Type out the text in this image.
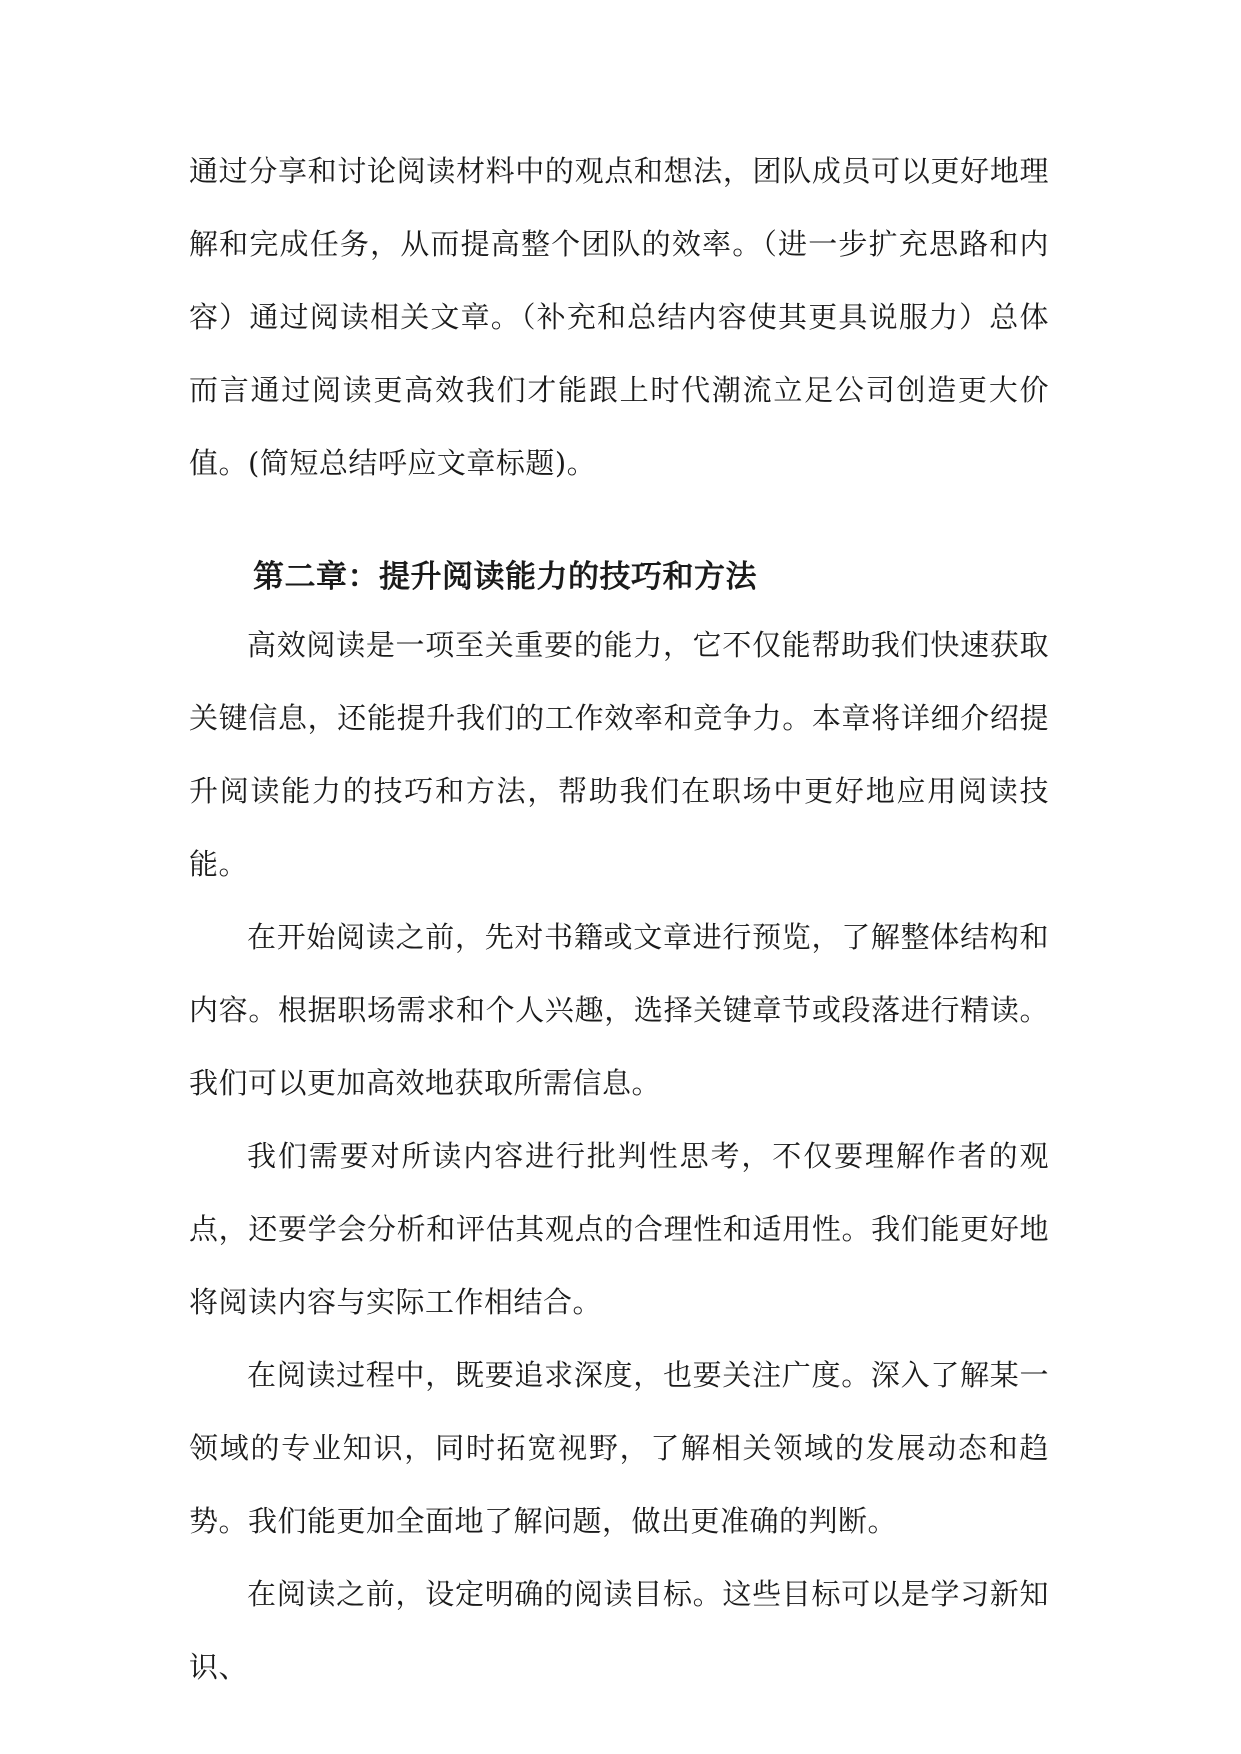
通过分享和讨论阅读材料中的观点和想法，团队成员可以更好地理解和完成任务，从而提高整个团队的效率。（进一步扩充思路和内容）通过阅读相关文章。（补充和总结内容使其更具说服力）总体而言通过阅读更高效我们才能跟上时代潮流立足公司创造更大价值。(简短总结呼应文章标题)。

第二章：提升阅读能力的技巧和方法

高效阅读是一项至关重要的能力，它不仅能帮助我们快速获取关键信息，还能提升我们的工作效率和竞争力。本章将详细介绍提升阅读能力的技巧和方法，帮助我们在职场中更好地应用阅读技能。

在开始阅读之前，先对书籍或文章进行预览，了解整体结构和内容。根据职场需求和个人兴趣，选择关键章节或段落进行精读。我们可以更加高效地获取所需信息。

我们需要对所读内容进行批判性思考，不仅要理解作者的观点，还要学会分析和评估其观点的合理性和适用性。我们能更好地将阅读内容与实际工作相结合。

在阅读过程中，既要追求深度，也要关注广度。深入了解某一领域的专业知识，同时拓宽视野，了解相关领域的发展动态和趋势。我们能更加全面地了解问题，做出更准确的判断。

在阅读之前，设定明确的阅读目标。这些目标可以是学习新知识、
